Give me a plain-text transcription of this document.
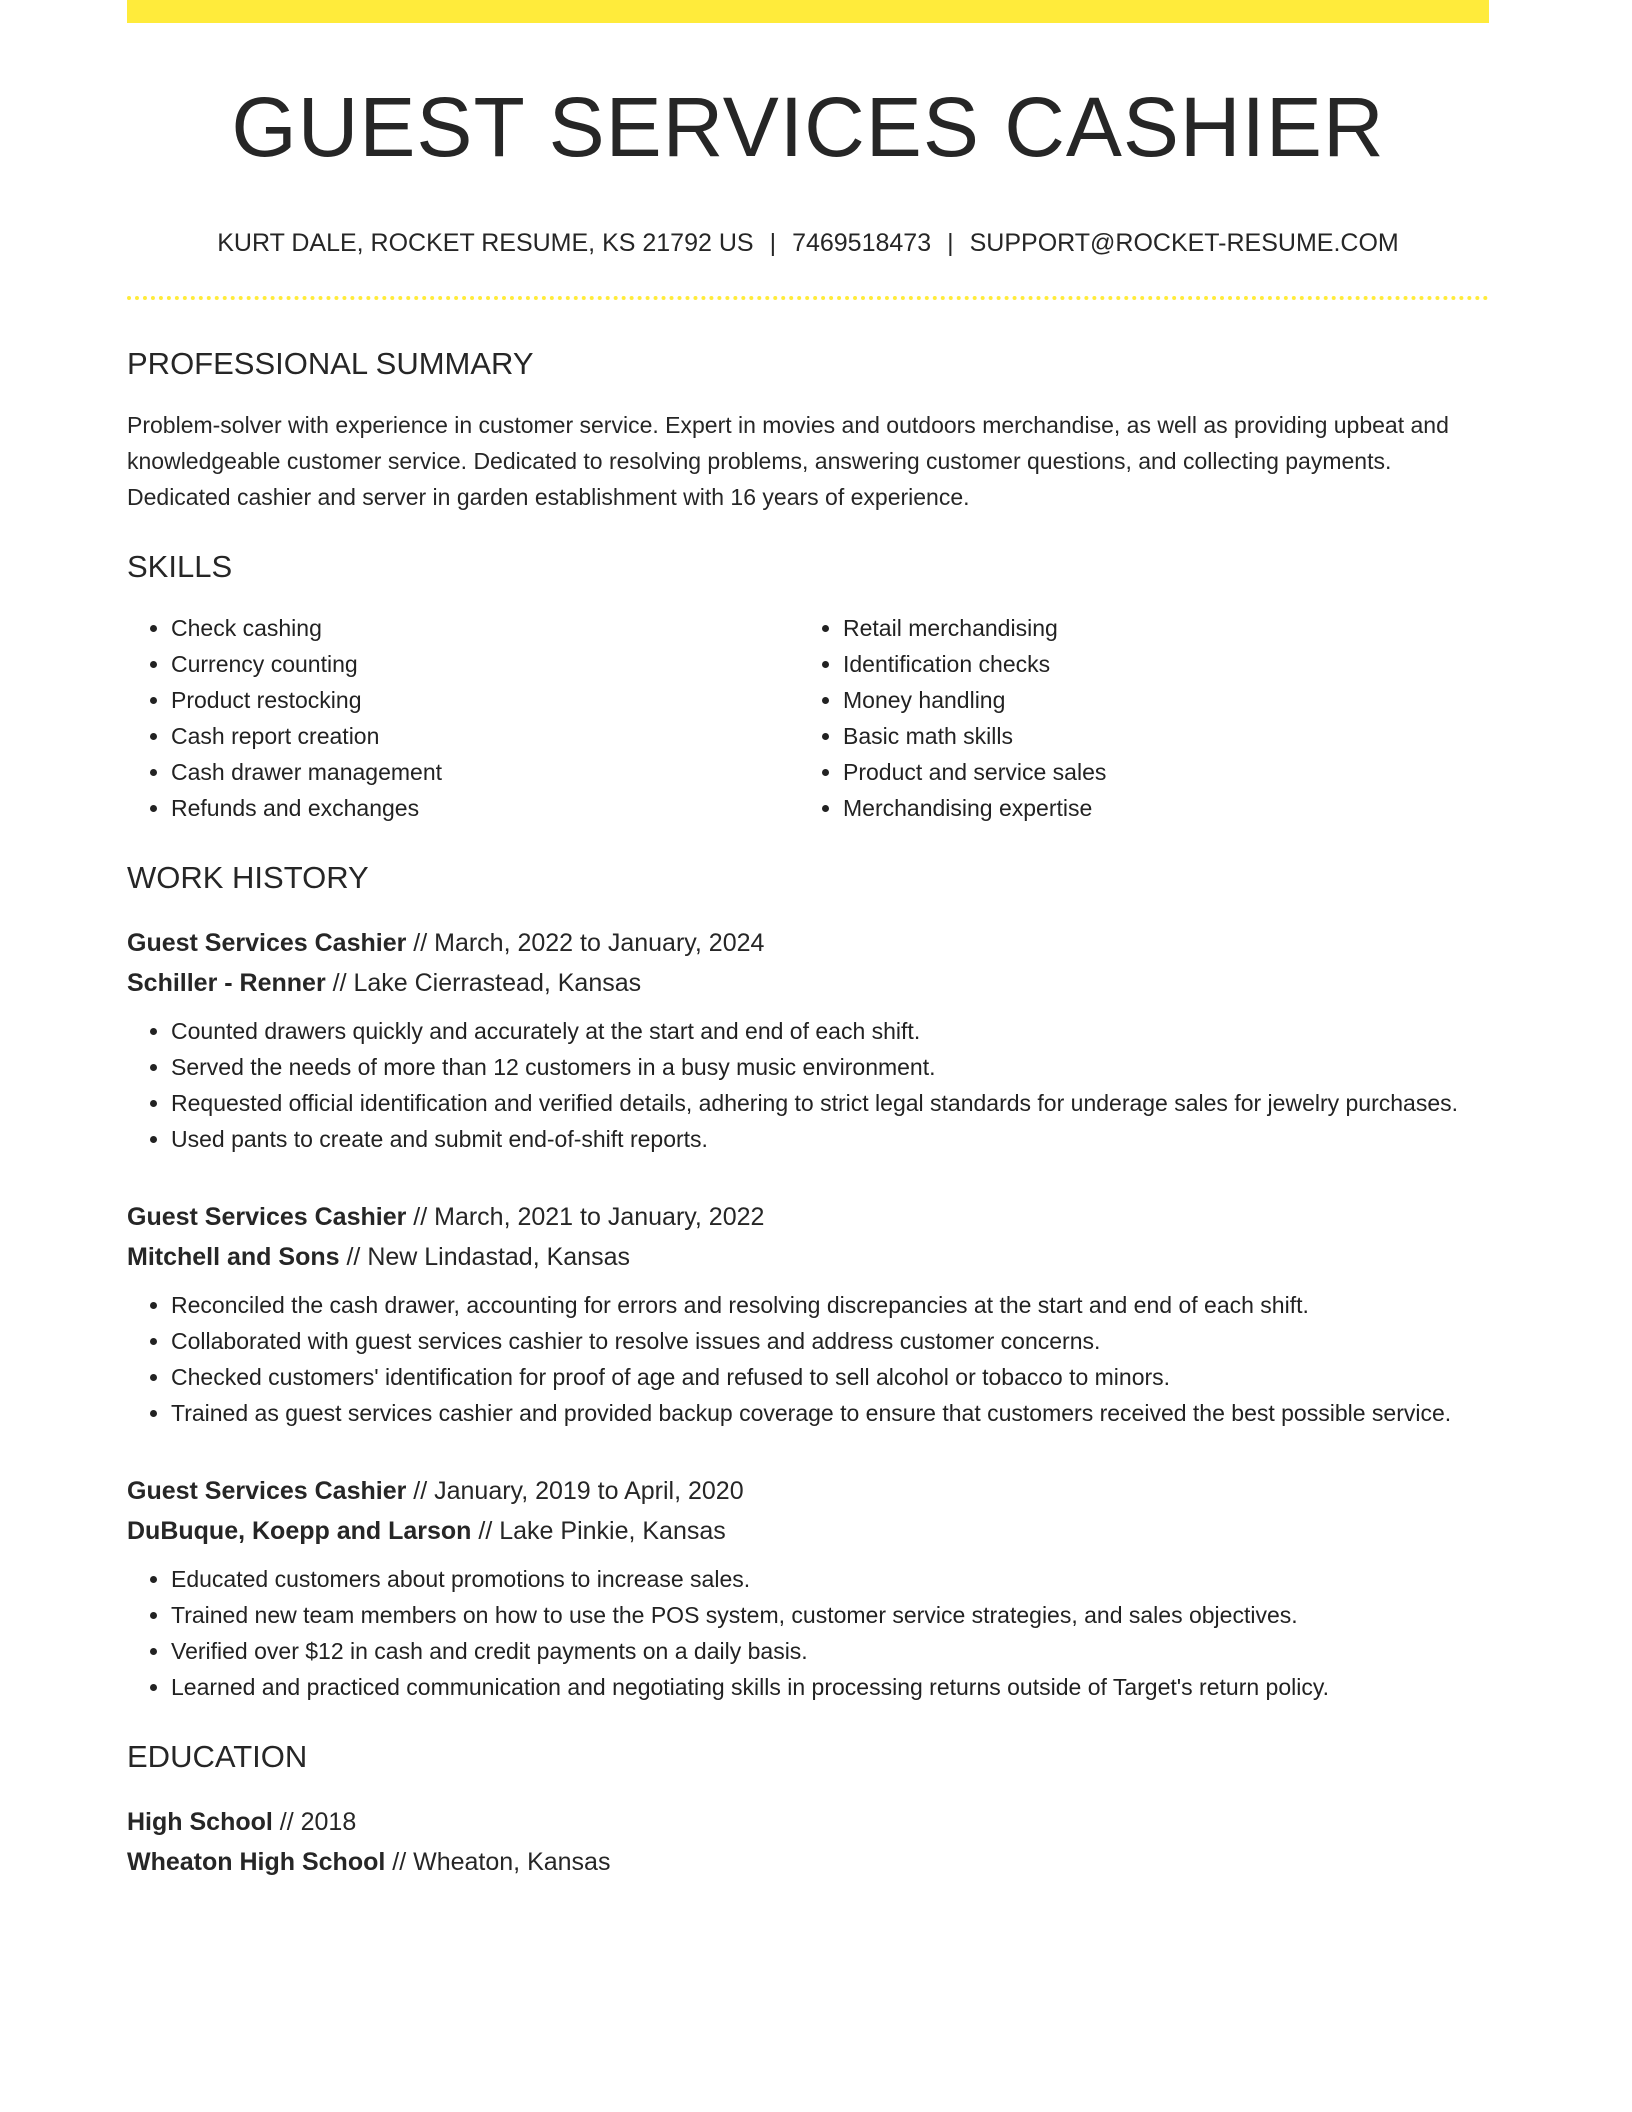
GUEST SERVICES CASHIER
KURT DALE, ROCKET RESUME, KS 21792 US | 7469518473 | SUPPORT@ROCKET-RESUME.COM
PROFESSIONAL SUMMARY

Problem-solver with experience in customer service. Expert in movies and outdoors merchandise, as well as providing upbeat and knowledgeable customer service. Dedicated to resolving problems, answering customer questions, and collecting payments. Dedicated cashier and server in garden establishment with 16 years of experience.

SKILLS
• Check cashing
• Currency counting
• Product restocking
• Cash report creation
• Cash drawer management
• Refunds and exchanges
• Retail merchandising
• Identification checks
• Money handling
• Basic math skills
• Product and service sales
• Merchandising expertise
WORK HISTORY
Guest Services Cashier // March, 2022 to January, 2024
Schiller - Renner // Lake Cierrastead, Kansas
• Counted drawers quickly and accurately at the start and end of each shift.
• Served the needs of more than 12 customers in a busy music environment.
• Requested official identification and verified details, adhering to strict legal standards for underage sales for jewelry purchases.
• Used pants to create and submit end-of-shift reports.
Guest Services Cashier // March, 2021 to January, 2022
Mitchell and Sons // New Lindastad, Kansas
• Reconciled the cash drawer, accounting for errors and resolving discrepancies at the start and end of each shift.
• Collaborated with guest services cashier to resolve issues and address customer concerns.
• Checked customers' identification for proof of age and refused to sell alcohol or tobacco to minors.
• Trained as guest services cashier and provided backup coverage to ensure that customers received the best possible service.
Guest Services Cashier // January, 2019 to April, 2020
DuBuque, Koepp and Larson // Lake Pinkie, Kansas
• Educated customers about promotions to increase sales.
• Trained new team members on how to use the POS system, customer service strategies, and sales objectives.
• Verified over $12 in cash and credit payments on a daily basis.
• Learned and practiced communication and negotiating skills in processing returns outside of Target's return policy.
EDUCATION
High School // 2018
Wheaton High School // Wheaton, Kansas
